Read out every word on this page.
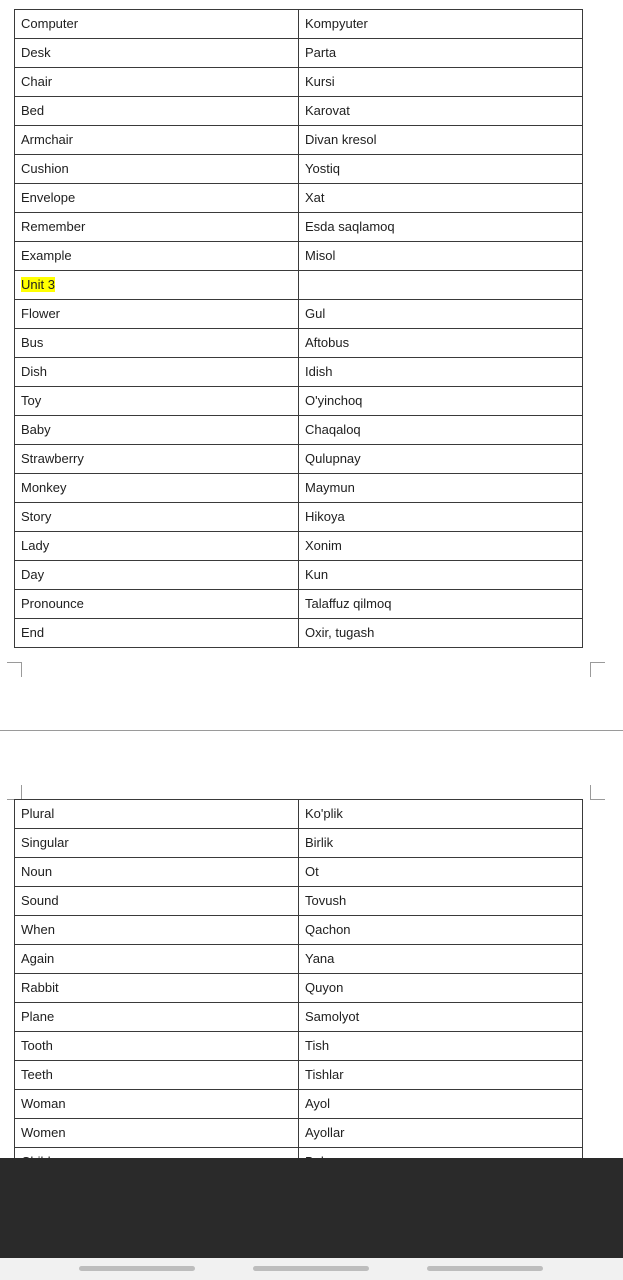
Computer	Kompyuter
Desk	Parta
Chair	Kursi
Bed	Karovat
Armchair	Divan kresol
Cushion	Yostiq
Envelope	Xat
Remember	Esda saqlamoq
Example	Misol
Unit 3	
Flower	Gul
Bus	Aftobus
Dish	Idish
Toy	O'yinchoq
Baby	Chaqaloq
Strawberry	Qulupnay
Monkey	Maymun
Story	Hikoya
Lady	Xonim
Day	Kun
Pronounce	Talaffuz qilmoq
End	Oxir, tugash
Plural	Ko'plik
Singular	Birlik
Noun	Ot
Sound	Tovush
When	Qachon
Again	Yana
Rabbit	Quyon
Plane	Samolyot
Tooth	Tish
Teeth	Tishlar
Woman	Ayol
Women	Ayollar
